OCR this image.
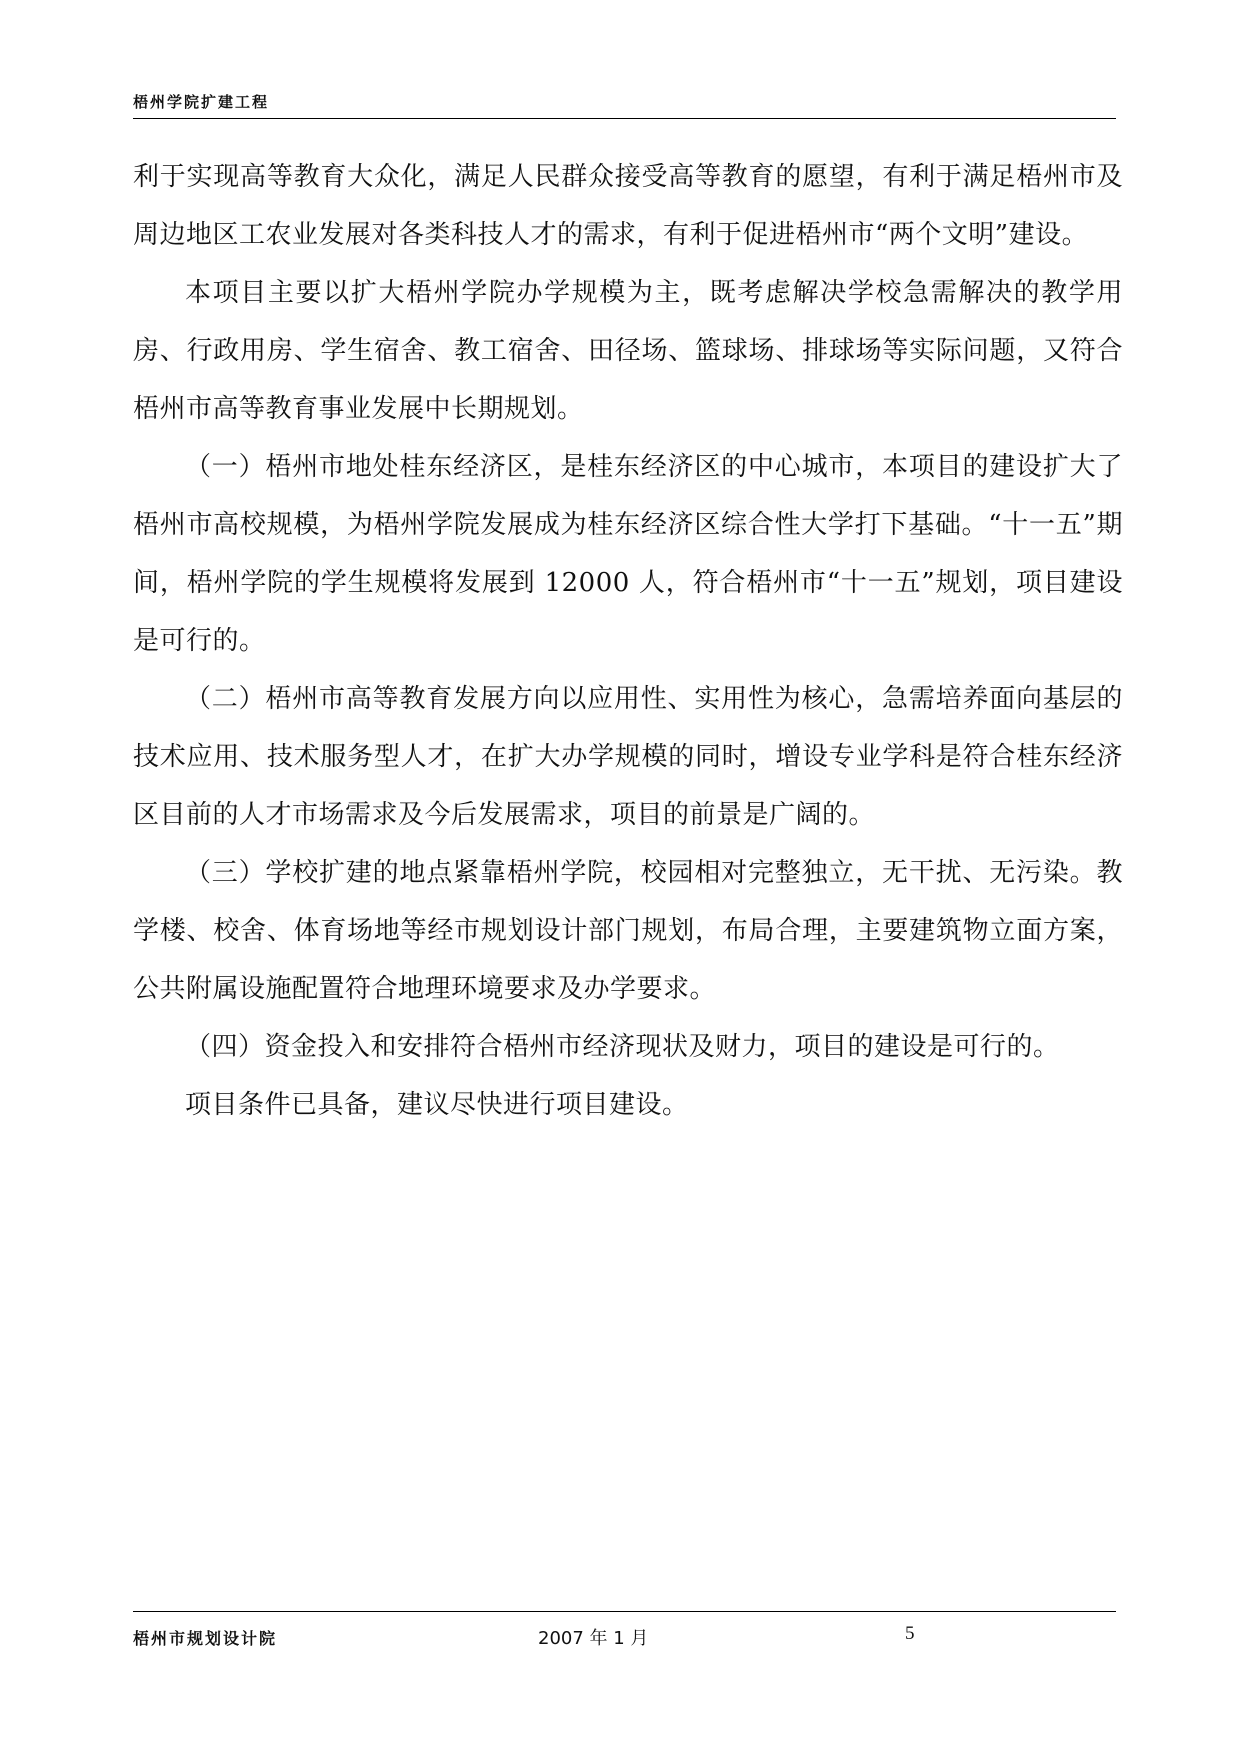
梧州学院扩建工程

利于实现高等教育大众化，满足人民群众接受高等教育的愿望，有利于满足梧州市及周边地区工农业发展对各类科技人才的需求，有利于促进梧州市“两个文明”建设。

本项目主要以扩大梧州学院办学规模为主，既考虑解决学校急需解决的教学用房、行政用房、学生宿舍、教工宿舍、田径场、篮球场、排球场等实际问题，又符合梧州市高等教育事业发展中长期规划。

（一）梧州市地处桂东经济区，是桂东经济区的中心城市，本项目的建设扩大了梧州市高校规模，为梧州学院发展成为桂东经济区综合性大学打下基础。“十一五”期间，梧州学院的学生规模将发展到 12000 人，符合梧州市“十一五”规划，项目建设是可行的。

（二）梧州市高等教育发展方向以应用性、实用性为核心，急需培养面向基层的技术应用、技术服务型人才，在扩大办学规模的同时，增设专业学科是符合桂东经济区目前的人才市场需求及今后发展需求，项目的前景是广阔的。

（三）学校扩建的地点紧靠梧州学院，校园相对完整独立，无干扰、无污染。教学楼、校舍、体育场地等经市规划设计部门规划，布局合理，主要建筑物立面方案，公共附属设施配置符合地理环境要求及办学要求。

（四）资金投入和安排符合梧州市经济现状及财力，项目的建设是可行的。

项目条件已具备，建议尽快进行项目建设。

梧州市规划设计院	2007 年 1 月	5
